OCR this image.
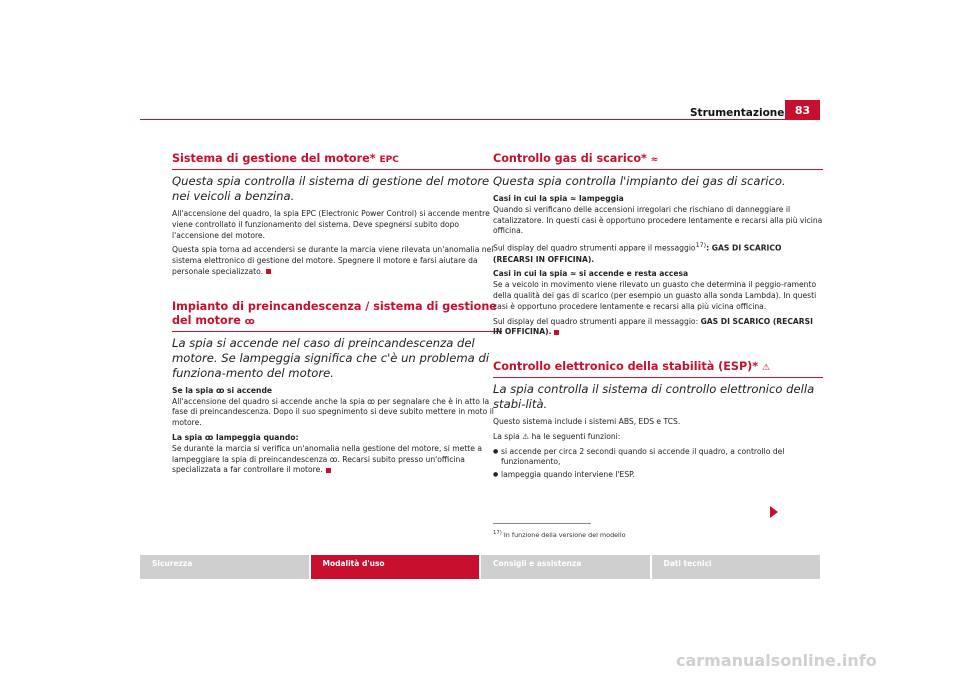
Strumentazione 83
Sistema di gestione del motore* EPC
Questa spia controlla il sistema di gestione del motore nei veicoli a benzina.

All'accensione del quadro, la spia EPC (Electronic Power Control) si accende mentre viene controllato il funzionamento del sistema. Deve spegnersi subito dopo l'accensione del motore.

Questa spia torna ad accendersi se durante la marcia viene rilevata un'anomalia nel sistema elettronico di gestione del motore. Spegnere il motore e farsi aiutare da personale specializzato.

Impianto di preincandescenza / sistema di gestione del motore ꝏ
La spia si accende nel caso di preincandescenza del motore. Se lampeggia significa che c'è un problema di funziona-mento del motore.

Se la spia ꝏ si accende

All'accensione del quadro si accende anche la spia ꝏ per segnalare che è in atto la fase di preincandescenza. Dopo il suo spegnimento si deve subito mettere in moto il motore.

La spia ꝏ lampeggia quando:

Se durante la marcia si verifica un'anomalia nella gestione del motore, si mette a lampeggiare la spia di preincandescenza ꝏ. Recarsi subito presso un'officina specializzata a far controllare il motore.

Controllo gas di scarico* ≈
Questa spia controlla l'impianto dei gas di scarico.

Casi in cui la spia ≈ lampeggia

Quando si verificano delle accensioni irregolari che rischiano di danneggiare il catalizzatore. In questi casi è opportuno procedere lentamente e recarsi alla più vicina officina.

Sul display del quadro strumenti appare il messaggio$^{17)}$: GAS DI SCARICO (RECARSI IN OFFICINA).

Casi in cui la spia ≈ si accende e resta accesa

Se a veicolo in movimento viene rilevato un guasto che determina il peggio-ramento della qualità dei gas di scarico (per esempio un guasto alla sonda Lambda). In questi casi è opportuno procedere lentamente e recarsi alla più vicina officina.

Sul display del quadro strumenti appare il messaggio: GAS DI SCARICO (RECARSI IN OFFICINA).

Controllo elettronico della stabilità (ESP)* ⚠
La spia controlla il sistema di controllo elettronico della stabi-lità.

Questo sistema include i sistemi ABS, EDS e TCS.

La spia ⚠ ha le seguenti funzioni:

● si accende per circa 2 secondi quando si accende il quadro, a controllo del funzionamento,

● lampeggia quando interviene l'ESP.

$^{17)}$ In funzione della versione del modello
Sicurezza	Modalità d'uso	Consigli e assistenza	Dati tecnici
carmanualsonline.info
